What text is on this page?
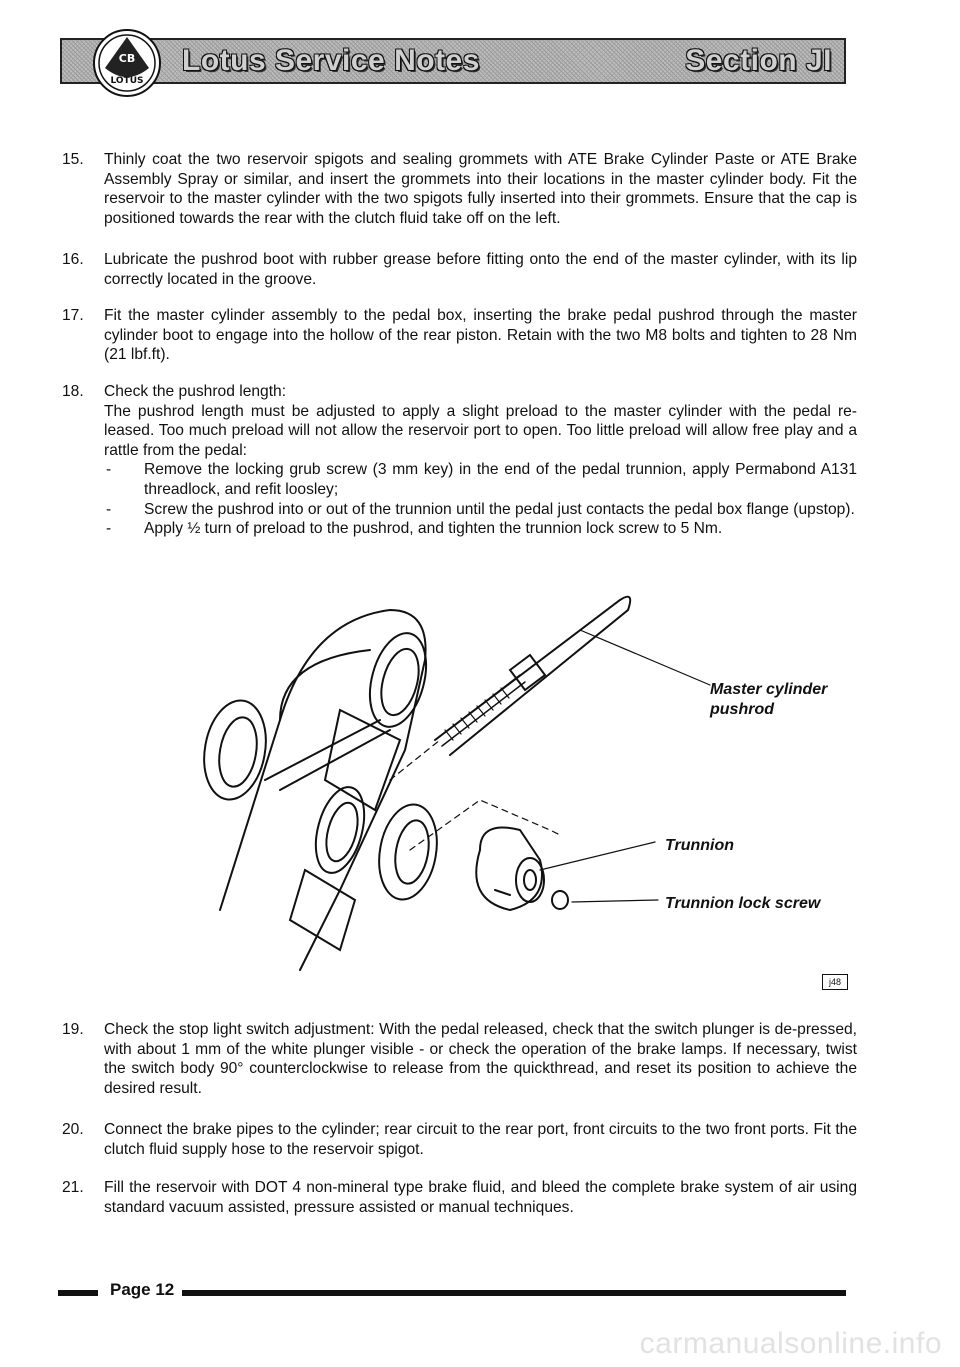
Lotus Service Notes	Section JI
CB
LOTUS
15. Thinly coat the two reservoir spigots and sealing grommets with ATE Brake Cylinder Paste or ATE Brake Assembly Spray or similar, and insert the grommets into their locations in the master cylinder body. Fit the reservoir to the master cylinder with the two spigots fully inserted into their grommets. Ensure that the cap is positioned towards the rear with the clutch fluid take off on the left.

16. Lubricate the pushrod boot with rubber grease before fitting onto the end of the master cylinder, with its lip correctly located in the groove.

17. Fit the master cylinder assembly to the pedal box, inserting the brake pedal pushrod through the master cylinder boot to engage into the hollow of the rear piston. Retain with the two M8 bolts and tighten to 28 Nm (21 lbf.ft).

18. Check the pushrod length:

The pushrod length must be adjusted to apply a slight preload to the master cylinder with the pedal re-leased. Too much preload will not allow the reservoir port to open. Too little preload will allow free play and a rattle from the pedal:

- Remove the locking grub screw (3 mm key) in the end of the pedal trunnion, apply Permabond A131 threadlock, and refit loosley;

- Screw the pushrod into or out of the trunnion until the pedal just contacts the pedal box flange (upstop).

- Apply ½ turn of preload to the pushrod, and tighten the trunnion lock screw to 5 Nm.

Master cylinder
pushrod
Trunnion
Trunnion lock screw
j48
19. Check the stop light switch adjustment: With the pedal released, check that the switch plunger is de-pressed, with about 1 mm of the white plunger visible - or check the operation of the brake lamps. If necessary, twist the switch body 90° counterclockwise to release from the quickthread, and reset its position to achieve the desired result.

20. Connect the brake pipes to the cylinder; rear circuit to the rear port, front circuits to the two front ports. Fit the clutch fluid supply hose to the reservoir spigot.

21. Fill the reservoir with DOT 4 non-mineral type brake fluid, and bleed the complete brake system of air using standard vacuum assisted, pressure assisted or manual techniques.

Page 12
carmanualsonline.info
